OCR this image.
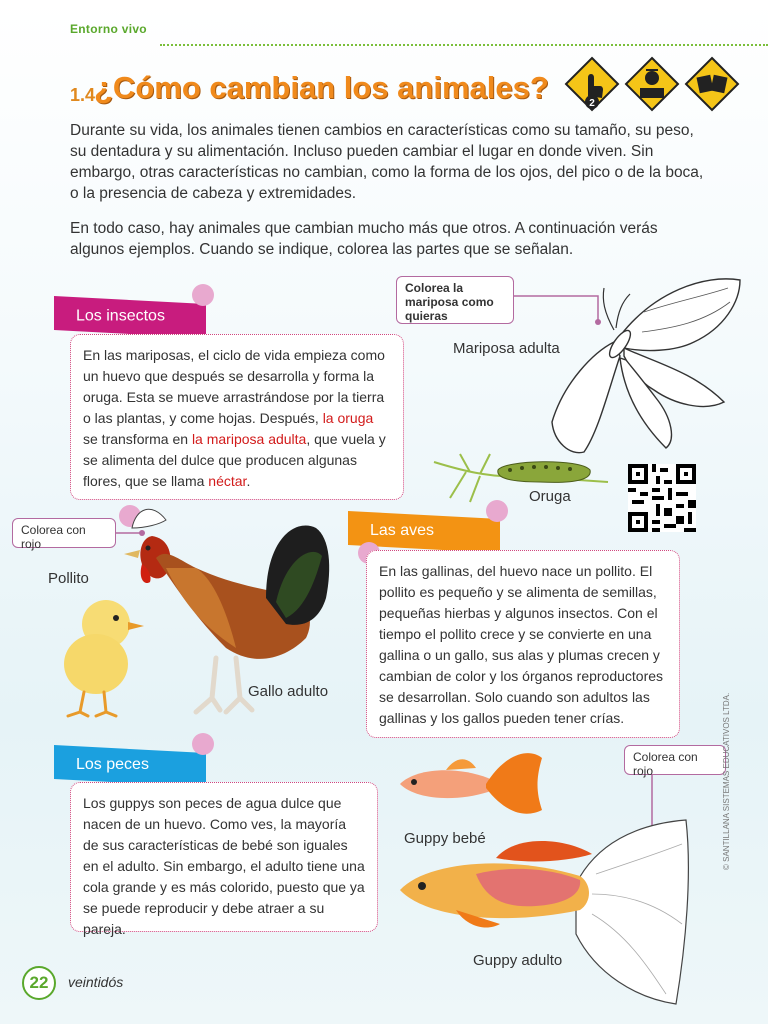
Entorno vivo
1.4
¿Cómo cambian los animales?	2

Durante su vida, los animales tienen cambios en características como su tamaño, su peso, su dentadura y su alimentación. Incluso pueden cambiar el lugar en donde viven. Sin embargo, otras características no cambian, como la forma de los ojos, del pico o de la boca, o la presencia de cabeza y extremidades.

En todo caso, hay animales que cambian mucho más que otros. A continuación verás algunos ejemplos. Cuando se indique, colorea las partes que se señalan.

Los insectos
En las mariposas, el ciclo de vida empieza como un huevo que después se desarrolla y forma la oruga. Esta se mueve arrastrándose por la tierra o las plantas, y come hojas. Después, la oruga se transforma en la mariposa adulta, que vuela y se alimenta del dulce que producen algunas flores, que se llama néctar.
Colorea la mariposa como quieras
Mariposa adulta
Oruga
Colorea con rojo
Pollito
Gallo adulto
Las aves
En las gallinas, del huevo nace un pollito. El pollito es pequeño y se alimenta de semillas, pequeñas hierbas y algunos insectos. Con el tiempo el pollito crece y se convierte en una gallina o un gallo, sus alas y plumas crecen y cambian de color y los órganos reproductores se desarrollan. Solo cuando son adultos las gallinas y los gallos pueden tener crías.
Los peces
Los guppys son peces de agua dulce que nacen de un huevo. Como ves, la mayoría de sus características de bebé son iguales en el adulto. Sin embargo, el adulto tiene una cola grande y es más colorido, puesto que ya se puede reproducir y debe atraer a su pareja.
Guppy bebé
Colorea con rojo
Guppy adulto
© SANTILLANA SISTEMAS EDUCATIVOS LTDA.
22	veintidós
